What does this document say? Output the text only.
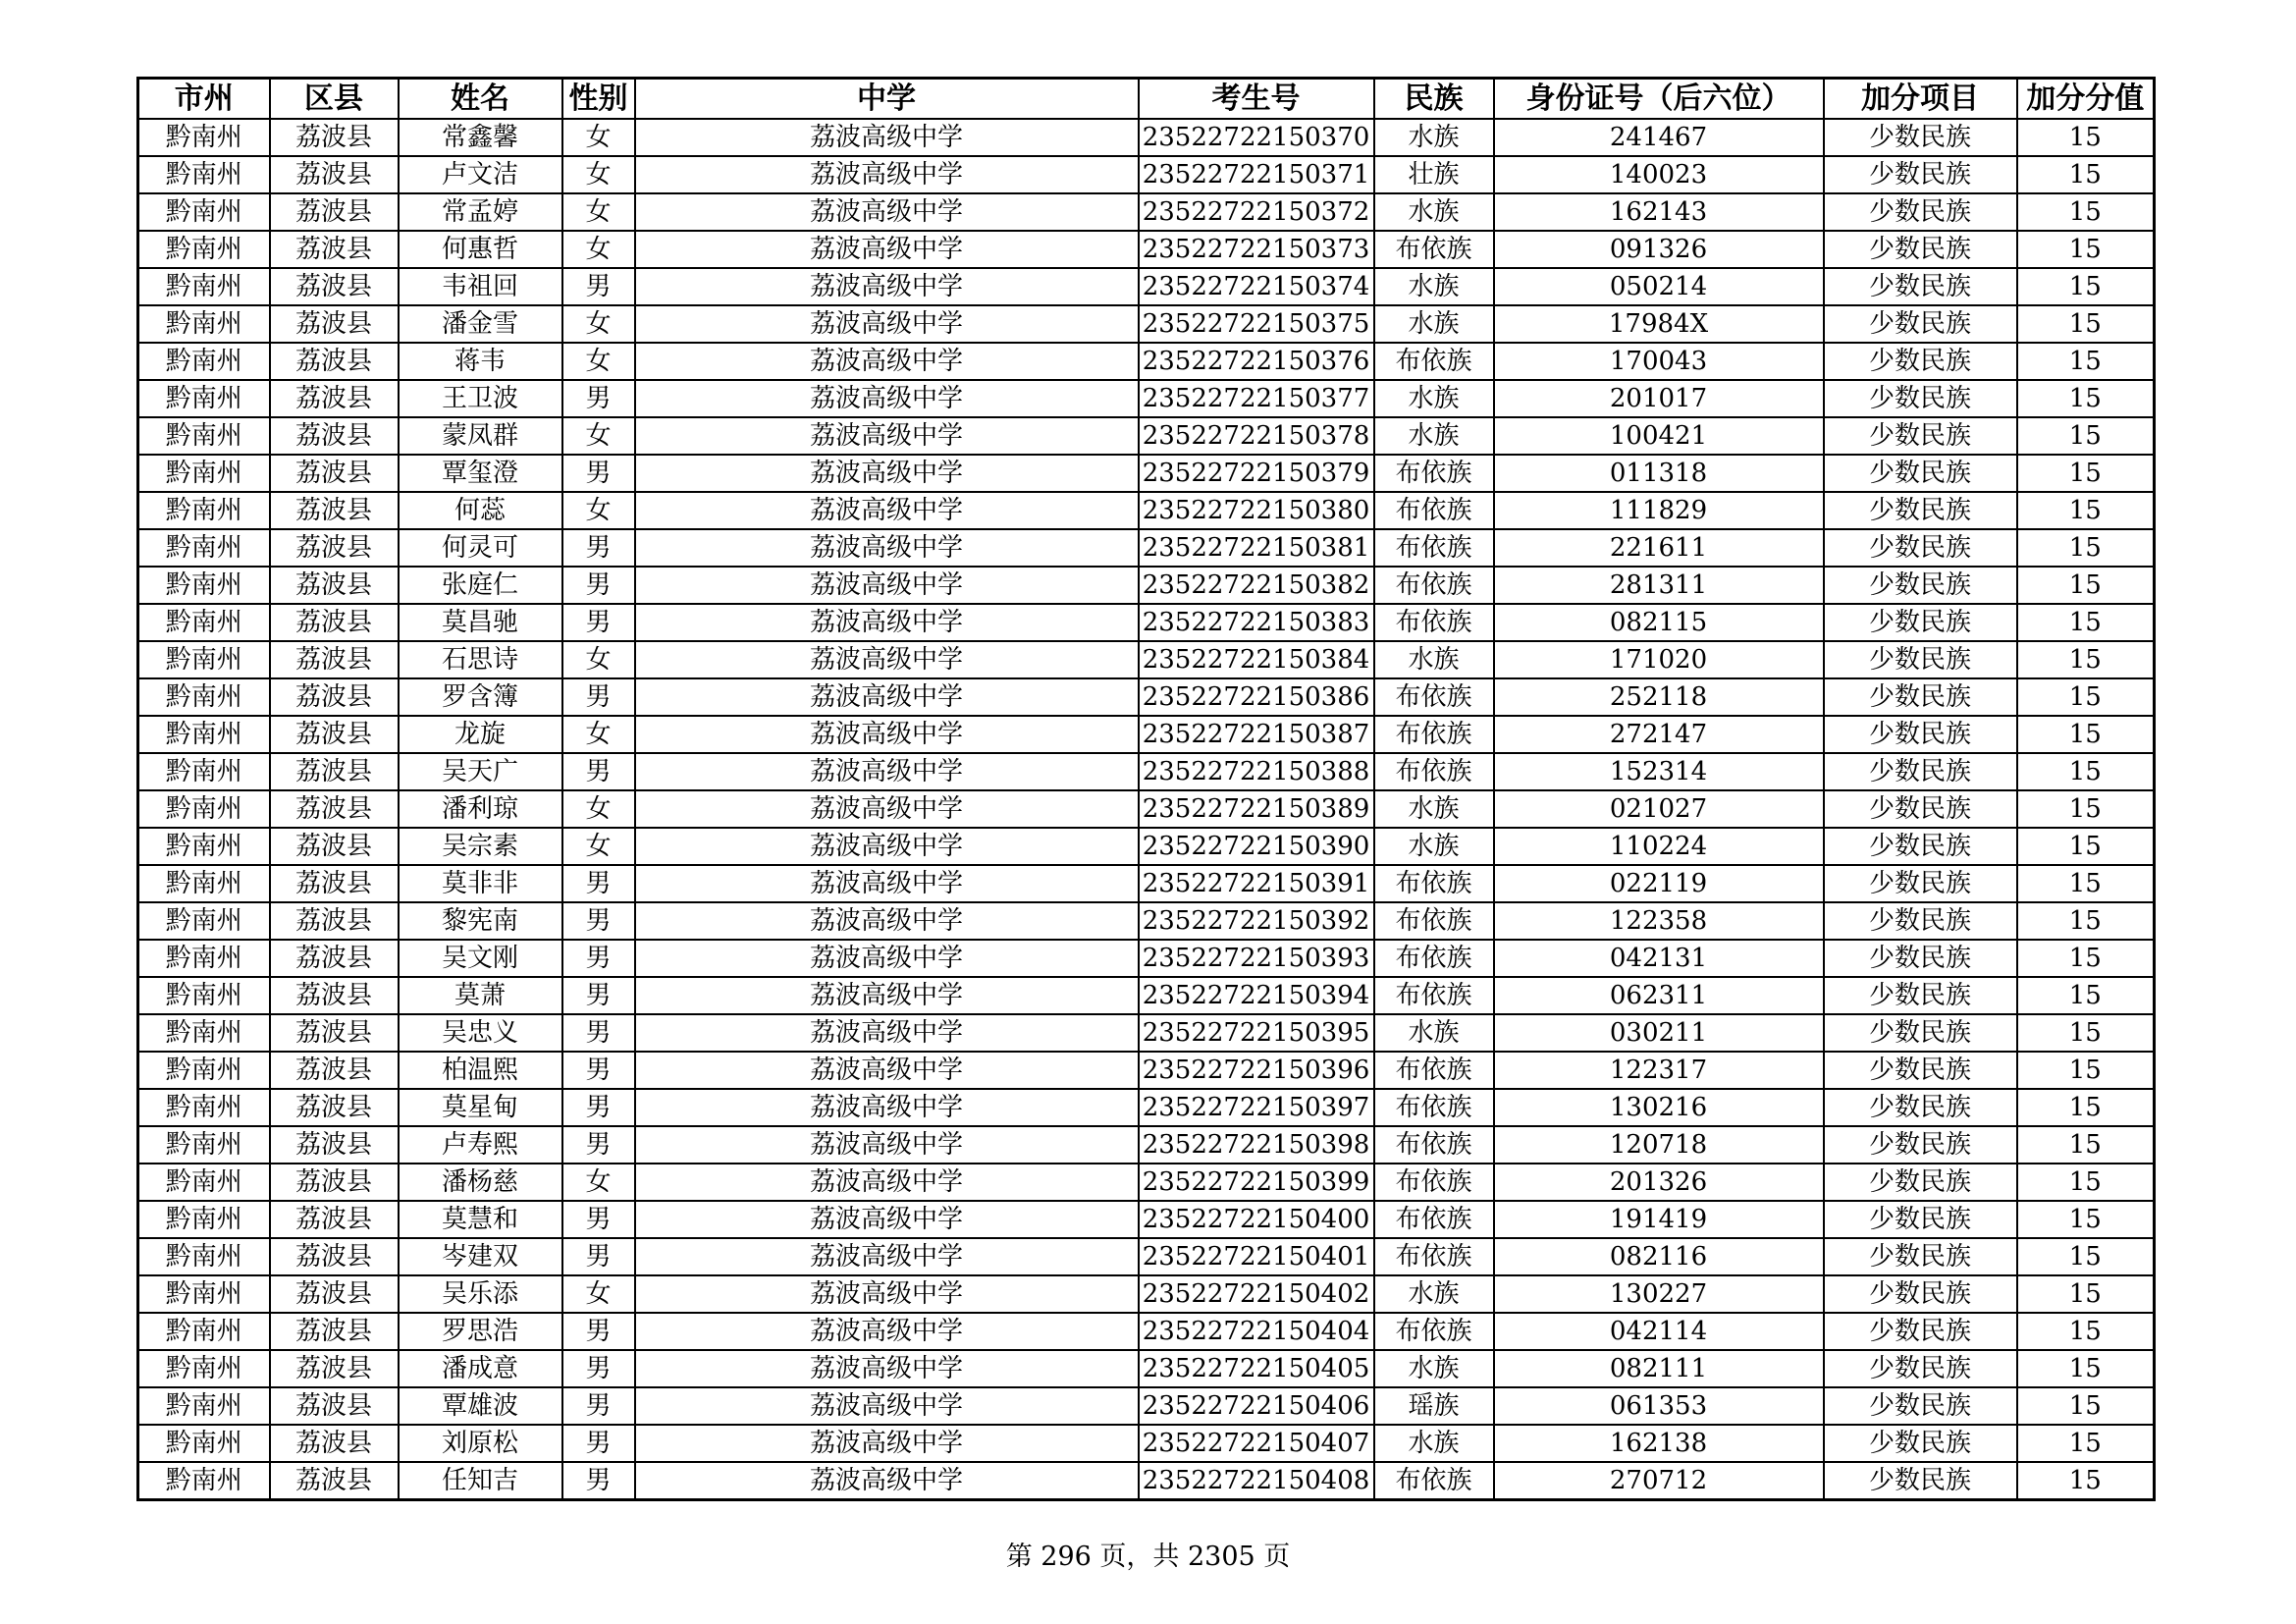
市州	区县	姓名	性别	中学	考生号	民族	身份证号（后六位）	加分项目	加分分值
黔南州	荔波县	常鑫馨	女	荔波高级中学	23522722150370	水族	241467	少数民族	15
黔南州	荔波县	卢文洁	女	荔波高级中学	23522722150371	壮族	140023	少数民族	15
黔南州	荔波县	常孟婷	女	荔波高级中学	23522722150372	水族	162143	少数民族	15
黔南州	荔波县	何惠哲	女	荔波高级中学	23522722150373	布依族	091326	少数民族	15
黔南州	荔波县	韦祖回	男	荔波高级中学	23522722150374	水族	050214	少数民族	15
黔南州	荔波县	潘金雪	女	荔波高级中学	23522722150375	水族	17984X	少数民族	15
黔南州	荔波县	蒋韦	女	荔波高级中学	23522722150376	布依族	170043	少数民族	15
黔南州	荔波县	王卫波	男	荔波高级中学	23522722150377	水族	201017	少数民族	15
黔南州	荔波县	蒙凤群	女	荔波高级中学	23522722150378	水族	100421	少数民族	15
黔南州	荔波县	覃玺澄	男	荔波高级中学	23522722150379	布依族	011318	少数民族	15
黔南州	荔波县	何蕊	女	荔波高级中学	23522722150380	布依族	111829	少数民族	15
黔南州	荔波县	何灵可	男	荔波高级中学	23522722150381	布依族	221611	少数民族	15
黔南州	荔波县	张庭仁	男	荔波高级中学	23522722150382	布依族	281311	少数民族	15
黔南州	荔波县	莫昌驰	男	荔波高级中学	23522722150383	布依族	082115	少数民族	15
黔南州	荔波县	石思诗	女	荔波高级中学	23522722150384	水族	171020	少数民族	15
黔南州	荔波县	罗含簿	男	荔波高级中学	23522722150386	布依族	252118	少数民族	15
黔南州	荔波县	龙旋	女	荔波高级中学	23522722150387	布依族	272147	少数民族	15
黔南州	荔波县	吴天广	男	荔波高级中学	23522722150388	布依族	152314	少数民族	15
黔南州	荔波县	潘利琼	女	荔波高级中学	23522722150389	水族	021027	少数民族	15
黔南州	荔波县	吴宗素	女	荔波高级中学	23522722150390	水族	110224	少数民族	15
黔南州	荔波县	莫非非	男	荔波高级中学	23522722150391	布依族	022119	少数民族	15
黔南州	荔波县	黎宪南	男	荔波高级中学	23522722150392	布依族	122358	少数民族	15
黔南州	荔波县	吴文刚	男	荔波高级中学	23522722150393	布依族	042131	少数民族	15
黔南州	荔波县	莫萧	男	荔波高级中学	23522722150394	布依族	062311	少数民族	15
黔南州	荔波县	吴忠义	男	荔波高级中学	23522722150395	水族	030211	少数民族	15
黔南州	荔波县	柏温熙	男	荔波高级中学	23522722150396	布依族	122317	少数民族	15
黔南州	荔波县	莫星甸	男	荔波高级中学	23522722150397	布依族	130216	少数民族	15
黔南州	荔波县	卢寿熙	男	荔波高级中学	23522722150398	布依族	120718	少数民族	15
黔南州	荔波县	潘杨慈	女	荔波高级中学	23522722150399	布依族	201326	少数民族	15
黔南州	荔波县	莫慧和	男	荔波高级中学	23522722150400	布依族	191419	少数民族	15
黔南州	荔波县	岑建双	男	荔波高级中学	23522722150401	布依族	082116	少数民族	15
黔南州	荔波县	吴乐添	女	荔波高级中学	23522722150402	水族	130227	少数民族	15
黔南州	荔波县	罗思浩	男	荔波高级中学	23522722150404	布依族	042114	少数民族	15
黔南州	荔波县	潘成意	男	荔波高级中学	23522722150405	水族	082111	少数民族	15
黔南州	荔波县	覃雄波	男	荔波高级中学	23522722150406	瑶族	061353	少数民族	15
黔南州	荔波县	刘原松	男	荔波高级中学	23522722150407	水族	162138	少数民族	15
黔南州	荔波县	任知吉	男	荔波高级中学	23522722150408	布依族	270712	少数民族	15
第 296 页，共 2305 页
